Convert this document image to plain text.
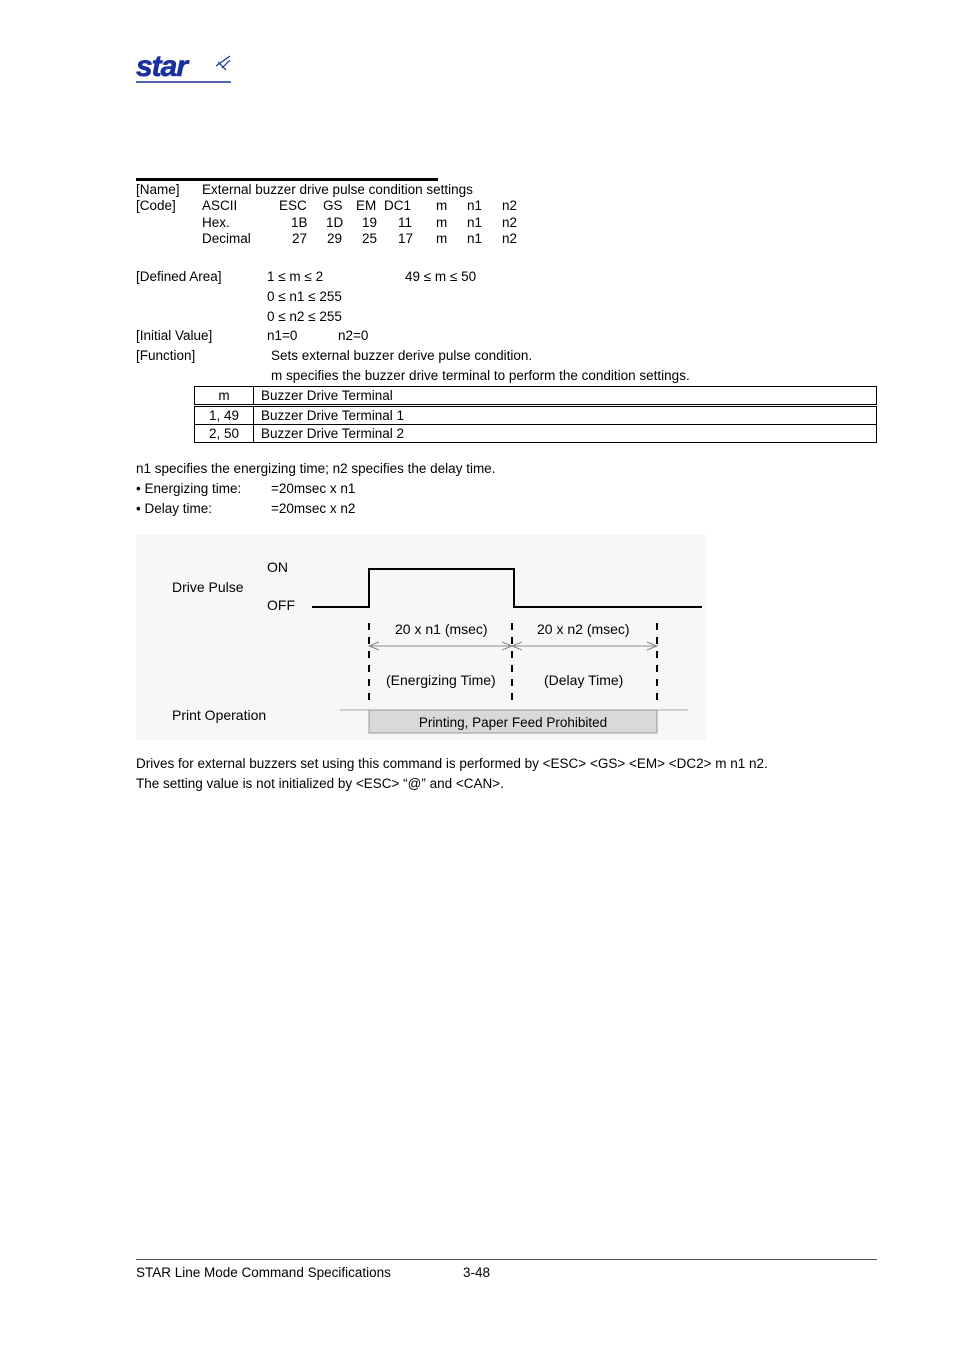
star
[Name] External buzzer drive pulse condition settings
[Code] ASCII	ESC GS EM DC1 m n1 n2
Hex.	1B 1D 19 11 m n1 n2
Decimal	27 29 25 17 m n1 n2
[Defined Area]	1 ≤ m ≤ 2	49 ≤ m ≤ 50
0 ≤ n1 ≤ 255
0 ≤ n2 ≤ 255
[Initial Value]	n1=0	n2=0
[Function]	Sets external buzzer derive pulse condition.
m specifies the buzzer drive terminal to perform the condition settings.
m	Buzzer Drive Terminal
1, 49	Buzzer Drive Terminal 1
2, 50	Buzzer Drive Terminal 2
n1 specifies the energizing time; n2 specifies the delay time.
• Energizing time: =20msec x n1
• Delay time:	=20msec x n2
Drive Pulse
ON
OFF
20 x n1 (msec)	20 x n2 (msec)
(Energizing Time)	(Delay Time)
Print Operation	Printing, Paper Feed Prohibited
Drives for external buzzers set using this command is performed by <ESC> <GS> <EM> <DC2> m n1 n2.
The setting value is not initialized by <ESC> “@” and <CAN>.
STAR Line Mode Command Specifications	3-48
